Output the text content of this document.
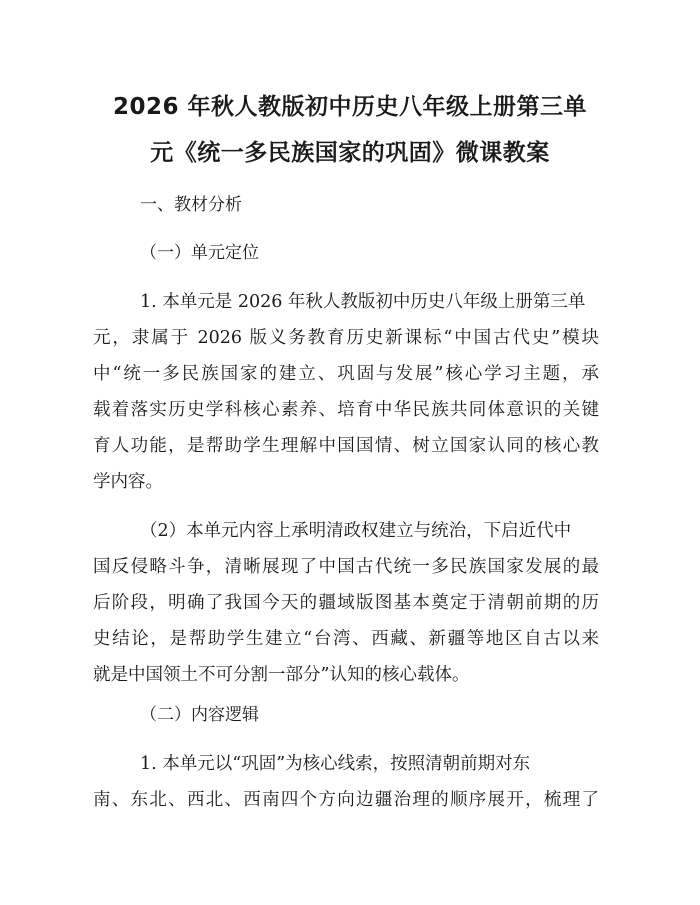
2026 年秋人教版初中历史八年级上册第三单
元《统一多民族国家的巩固》微课教案
一、教材分析
（一）单元定位
1. 本单元是 2026 年秋人教版初中历史八年级上册第三单
元，隶属于 2026 版义务教育历史新课标“中国古代史”模块
中“统一多民族国家的建立、巩固与发展”核心学习主题，承
载着落实历史学科核心素养、培育中华民族共同体意识的关键
育人功能，是帮助学生理解中国国情、树立国家认同的核心教
学内容。
（2）本单元内容上承明清政权建立与统治，下启近代中
国反侵略斗争，清晰展现了中国古代统一多民族国家发展的最
后阶段，明确了我国今天的疆域版图基本奠定于清朝前期的历
史结论，是帮助学生建立“台湾、西藏、新疆等地区自古以来
就是中国领土不可分割一部分”认知的核心载体。
（二）内容逻辑
1. 本单元以“巩固”为核心线索，按照清朝前期对东
南、东北、西北、西南四个方向边疆治理的顺序展开，梳理了
